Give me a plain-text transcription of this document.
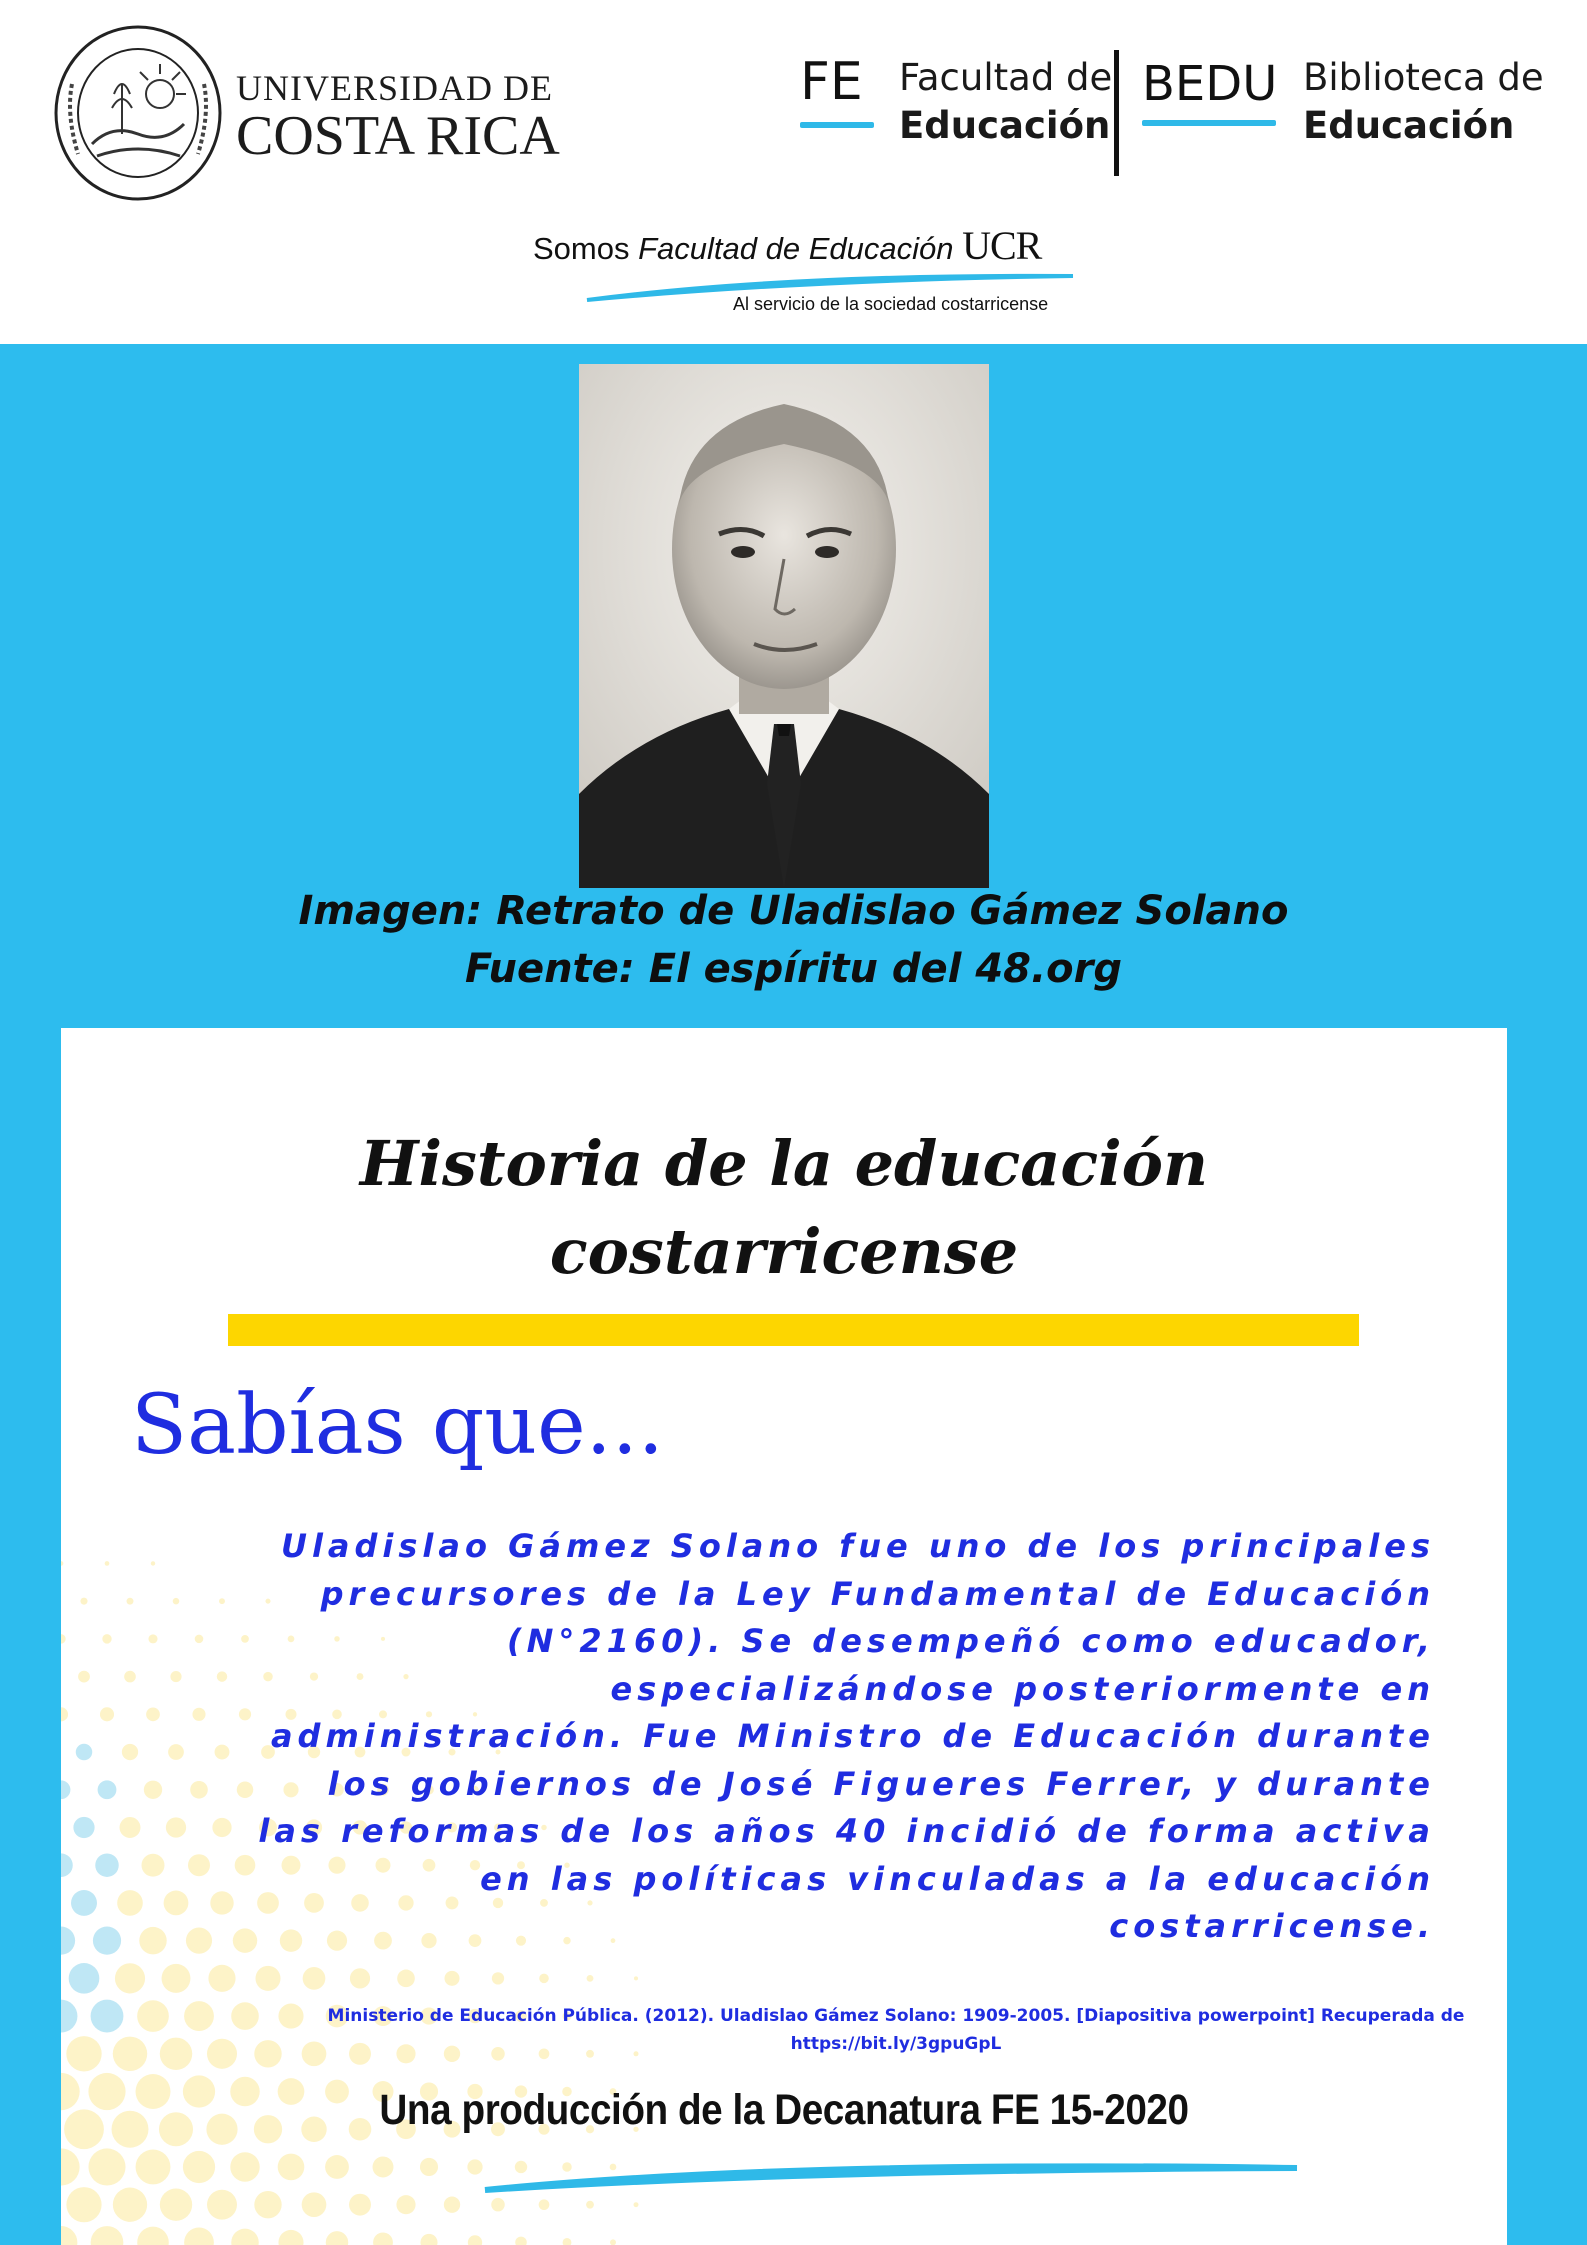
UNIVERSIDAD DE
COSTA RICA
FE Facultad de
Educación
BEDU Biblioteca de
Educación
Somos Facultad de Educación UCR
Al servicio de la sociedad costarricense
Imagen: Retrato de Uladislao Gámez Solano
Fuente: El espíritu del 48.org
Historia de la educación
costarricense
Sabías que...
Uladislao Gámez Solano fue uno de los principales
precursores de la Ley Fundamental de Educación
(N°2160). Se desempeñó como educador,
especializándose posteriormente en
administración. Fue Ministro de Educación durante
los gobiernos de José Figueres Ferrer, y durante
las reformas de los años 40 incidió de forma activa
en las políticas vinculadas a la educación
costarricense.
Ministerio de Educación Pública. (2012). Uladislao Gámez Solano: 1909-2005. [Diapositiva powerpoint] Recuperada de
https://bit.ly/3gpuGpL
Una producción de la Decanatura FE 15-2020
